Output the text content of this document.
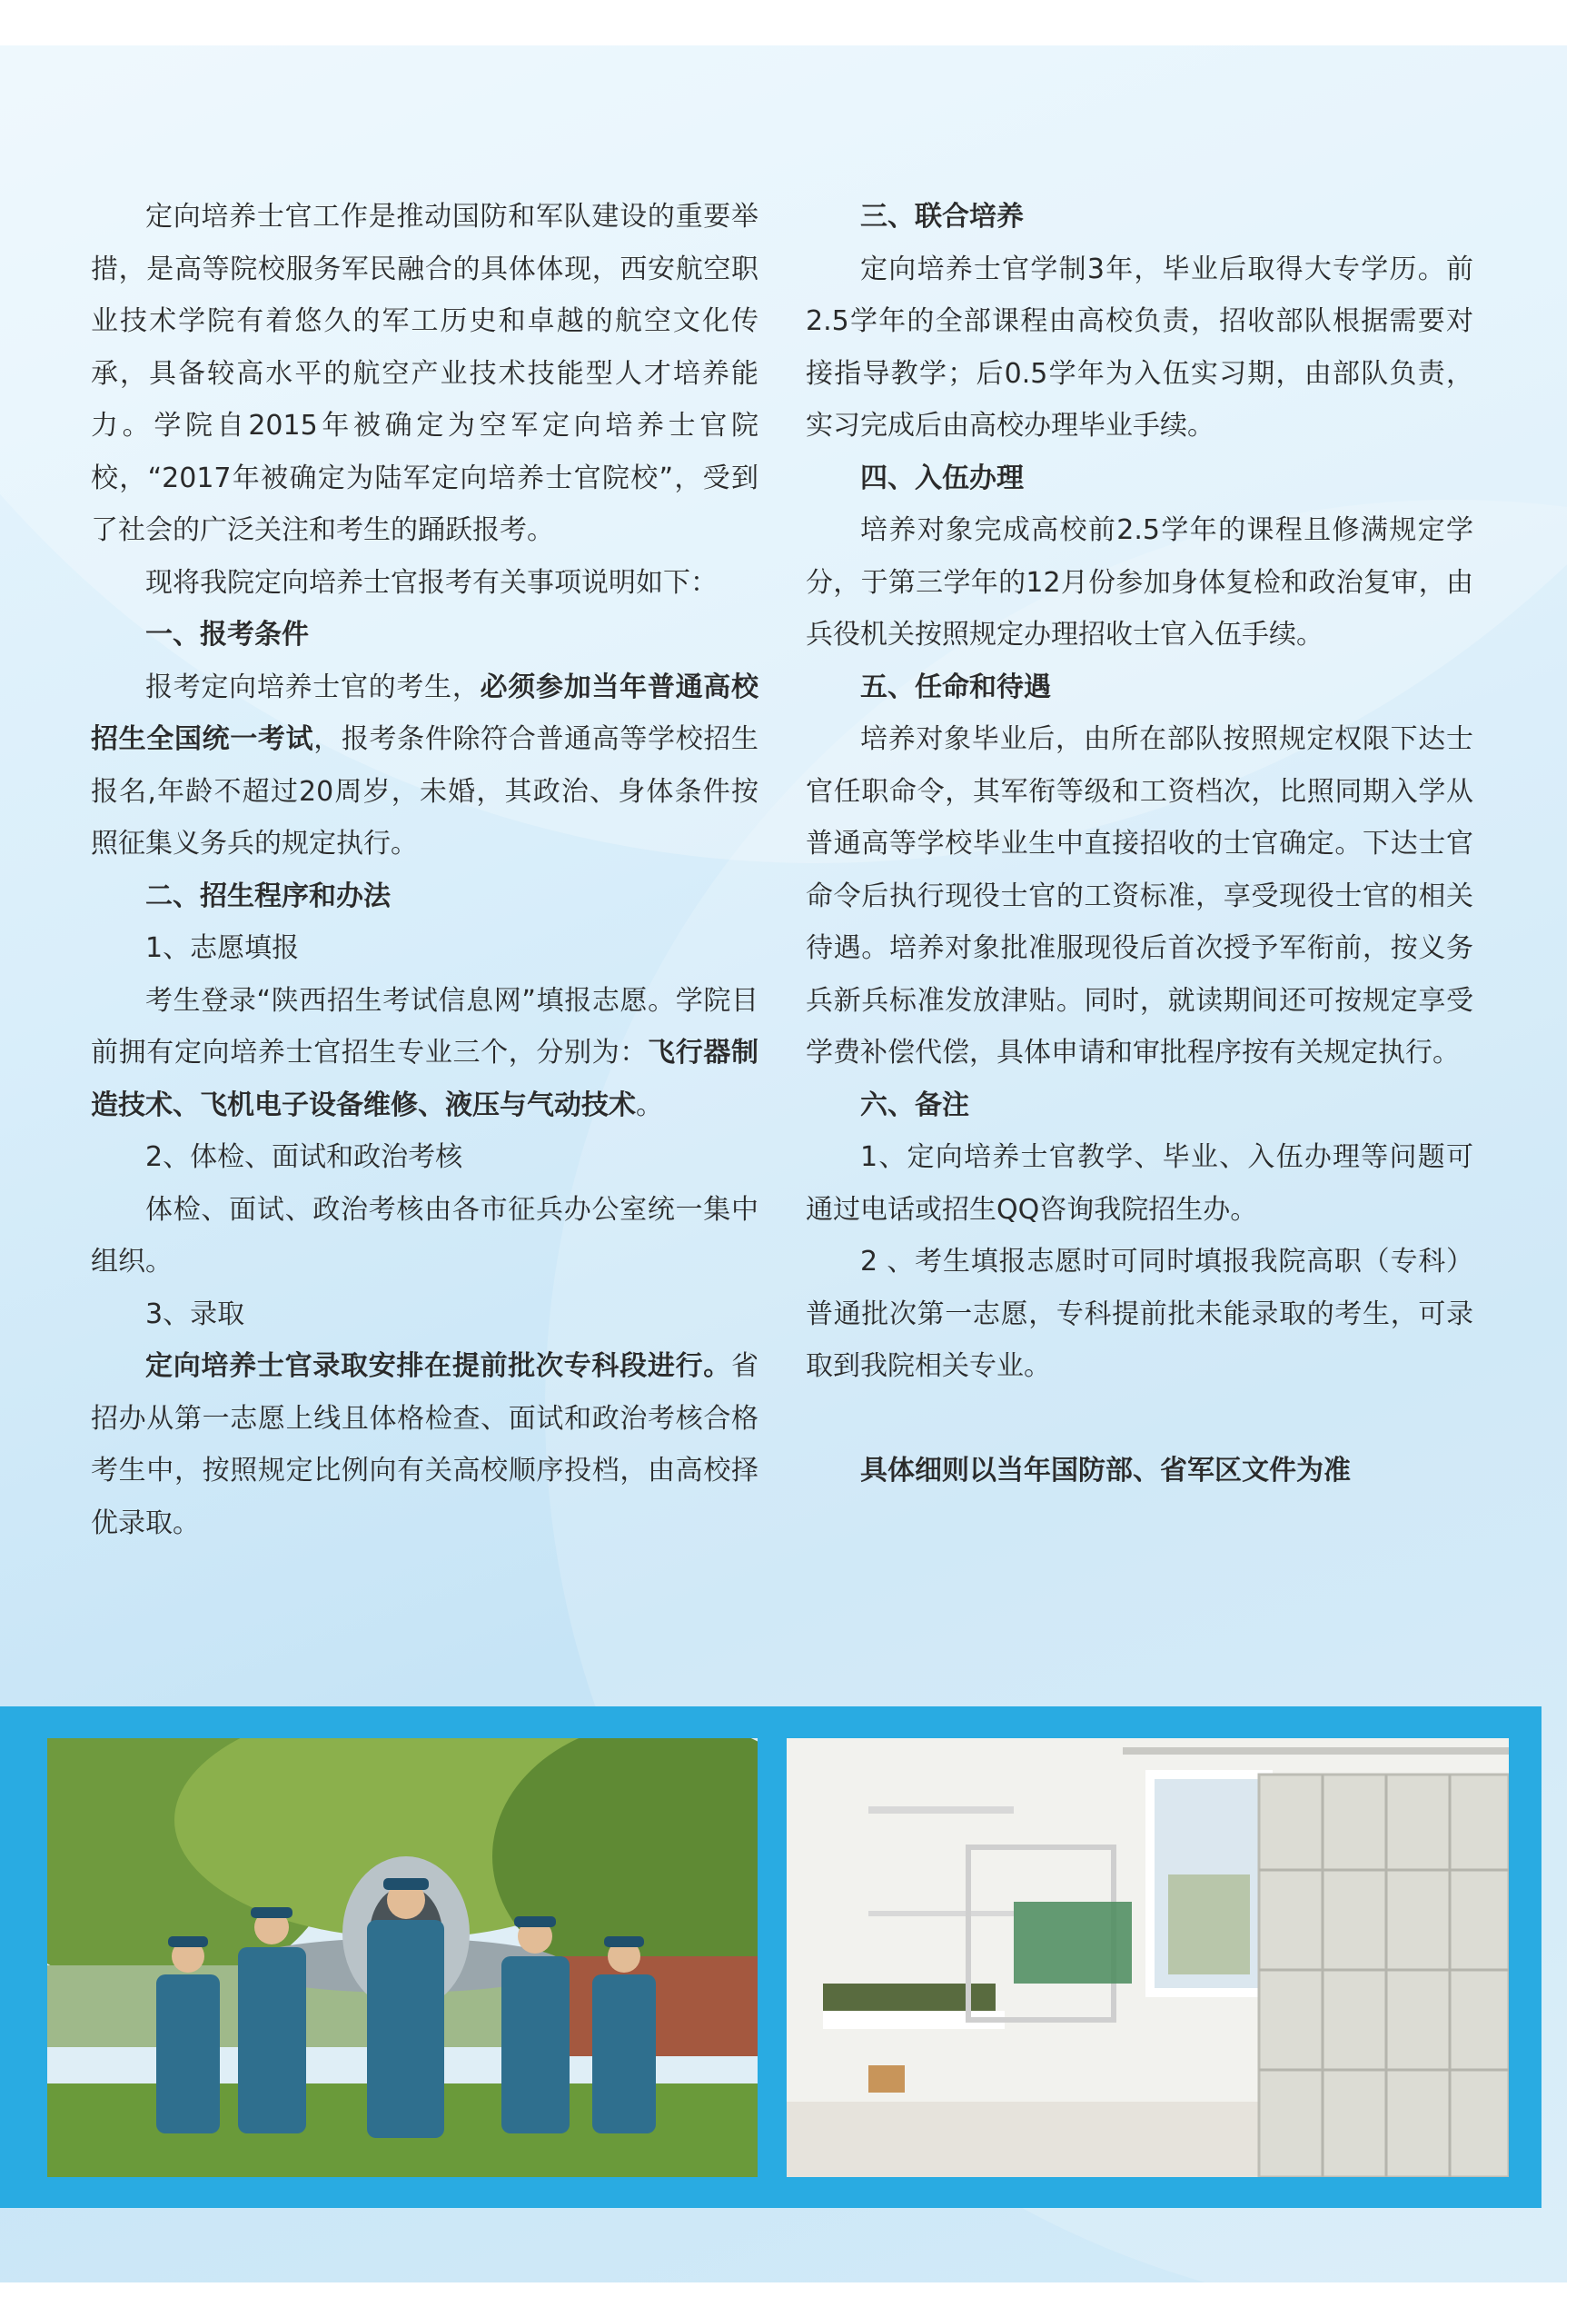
定向培养士官工作是推动国防和军队建设的重要举措，是高等院校服务军民融合的具体体现，西安航空职业技术学院有着悠久的军工历史和卓越的航空文化传承，具备较高水平的航空产业技术技能型人才培养能力。学院自2015年被确定为空军定向培养士官院校，“2017年被确定为陆军定向培养士官院校”，受到了社会的广泛关注和考生的踊跃报考。

现将我院定向培养士官报考有关事项说明如下：

一、报考条件

报考定向培养士官的考生，必须参加当年普通高校招生全国统一考试，报考条件除符合普通高等学校招生报名,年龄不超过20周岁，未婚，其政治、身体条件按照征集义务兵的规定执行。

二、招生程序和办法

1、志愿填报

考生登录“陕西招生考试信息网”填报志愿。学院目前拥有定向培养士官招生专业三个，分别为：飞行器制造技术、飞机电子设备维修、液压与气动技术。

2、体检、面试和政治考核

体检、面试、政治考核由各市征兵办公室统一集中组织。

3、录取

定向培养士官录取安排在提前批次专科段进行。省招办从第一志愿上线且体格检查、面试和政治考核合格考生中，按照规定比例向有关高校顺序投档，由高校择优录取。

三、联合培养

定向培养士官学制3年，毕业后取得大专学历。前2.5学年的全部课程由高校负责，招收部队根据需要对接指导教学；后0.5学年为入伍实习期，由部队负责，实习完成后由高校办理毕业手续。

四、入伍办理

培养对象完成高校前2.5学年的课程且修满规定学分，于第三学年的12月份参加身体复检和政治复审，由兵役机关按照规定办理招收士官入伍手续。

五、任命和待遇

培养对象毕业后，由所在部队按照规定权限下达士官任职命令，其军衔等级和工资档次，比照同期入学从普通高等学校毕业生中直接招收的士官确定。下达士官命令后执行现役士官的工资标准，享受现役士官的相关待遇。培养对象批准服现役后首次授予军衔前，按义务兵新兵标准发放津贴。同时，就读期间还可按规定享受学费补偿代偿，具体申请和审批程序按有关规定执行。

六、备注

1、定向培养士官教学、毕业、入伍办理等问题可通过电话或招生QQ咨询我院招生办。

2 、考生填报志愿时可同时填报我院高职（专科）普通批次第一志愿，专科提前批未能录取的考生，可录取到我院相关专业。

具体细则以当年国防部、省军区文件为准
